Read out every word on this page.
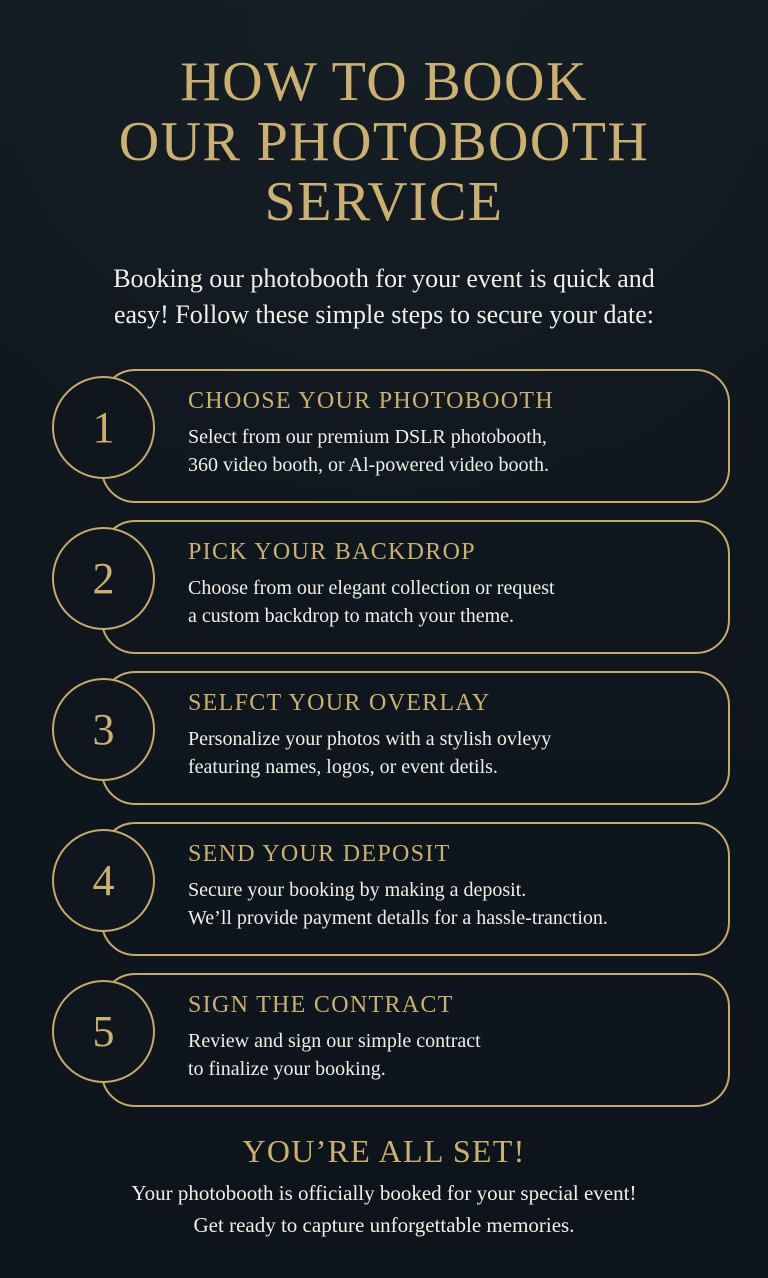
HOW TO BOOK
OUR PHOTOBOOTH
SERVICE

Booking our photobooth for your event is quick and
easy! Follow these simple steps to secure your date:

1
CHOOSE YOUR PHOTOBOOTH

Select from our premium DSLR photobooth,
360 video booth, or Al-powered video booth.

2
PICK YOUR BACKDROP

Choose from our elegant collection or request
a custom backdrop to match your theme.

3
SELFCT YOUR OVERLAY

Personalize your photos with a stylish ovleyy
featuring names, logos, or event detils.

4
SEND YOUR DEPOSIT

Secure your booking by making a deposit.
We’ll provide payment detalls for a hassle-tranction.

5
SIGN THE CONTRACT

Review and sign our simple contract
to finalize your booking.

YOU’RE ALL SET!

Your photobooth is officially booked for your special event!
Get ready to capture unforgettable memories.
